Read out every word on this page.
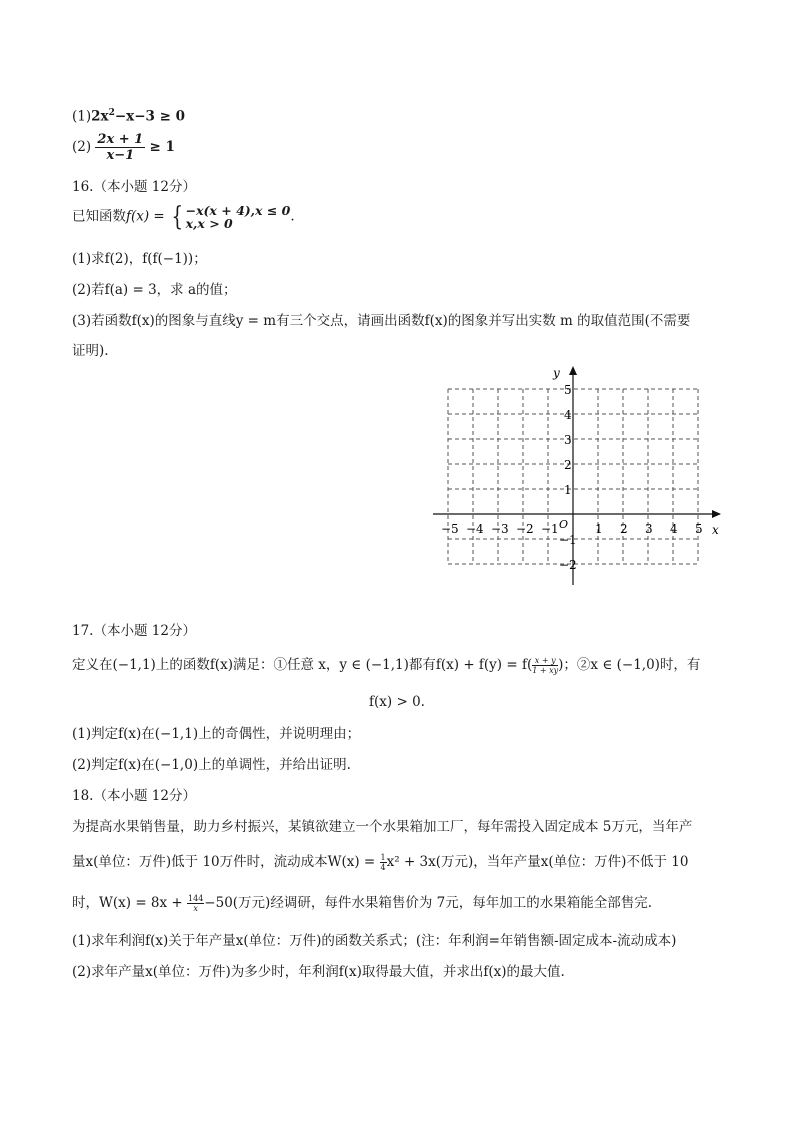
$(1)2x^2-x-3 \ge 0$
$(2) \frac{2x + 1}{x-1} \ge 1$
16.（本小题 12分）
已知函数f(x) = { −x(x + 4),x ≤ 0
x,x > 0	.
(1)求f(2)，f(f(−1))；
(2)若f(a) = 3，求 a的值；
(3)若函数f(x)的图象与直线y = m有三个交点，请画出函数f(x)的图象并写出实数 m 的取值范围(不需要
证明).
x
y
O
−5 −4 −3 −2 −1	1 2 3 4 5
5
4
3
2
1
−1
−2
17.（本小题 12分）
定义在(−1,1)上的函数f(x)满足：①任意 x，y ∈ (−1,1)都有$f(x) + f(y) = f( \frac{x + y}{1 + xy}$ )；②x ∈ (−1,0)时，有
f(x) > 0.
(1)判定f(x)在(−1,1)上的奇偶性，并说明理由；
(2)判定f(x)在(−1,0)上的单调性，并给出证明.
18.（本小题 12分）
为提高水果销售量，助力乡村振兴，某镇欲建立一个水果箱加工厂，每年需投入固定成本 5万元，当年产
量x(单位：万件)低于 10万件时，流动成本$W(x) = \frac{1}{4} x^2 + 3x$(万元)，当年产量x(单位：万件)不低于 10
时，$W(x) = 8x + \frac{144}{x} -50$(万元)经调研，每件水果箱售价为 7元，每年加工的水果箱能全部售完.
(1)求年利润f(x)关于年产量x(单位：万件)的函数关系式；(注：年利润=年销售额-固定成本-流动成本)
(2)求年产量x(单位：万件)为多少时，年利润f(x)取得最大值，并求出f(x)的最大值.
